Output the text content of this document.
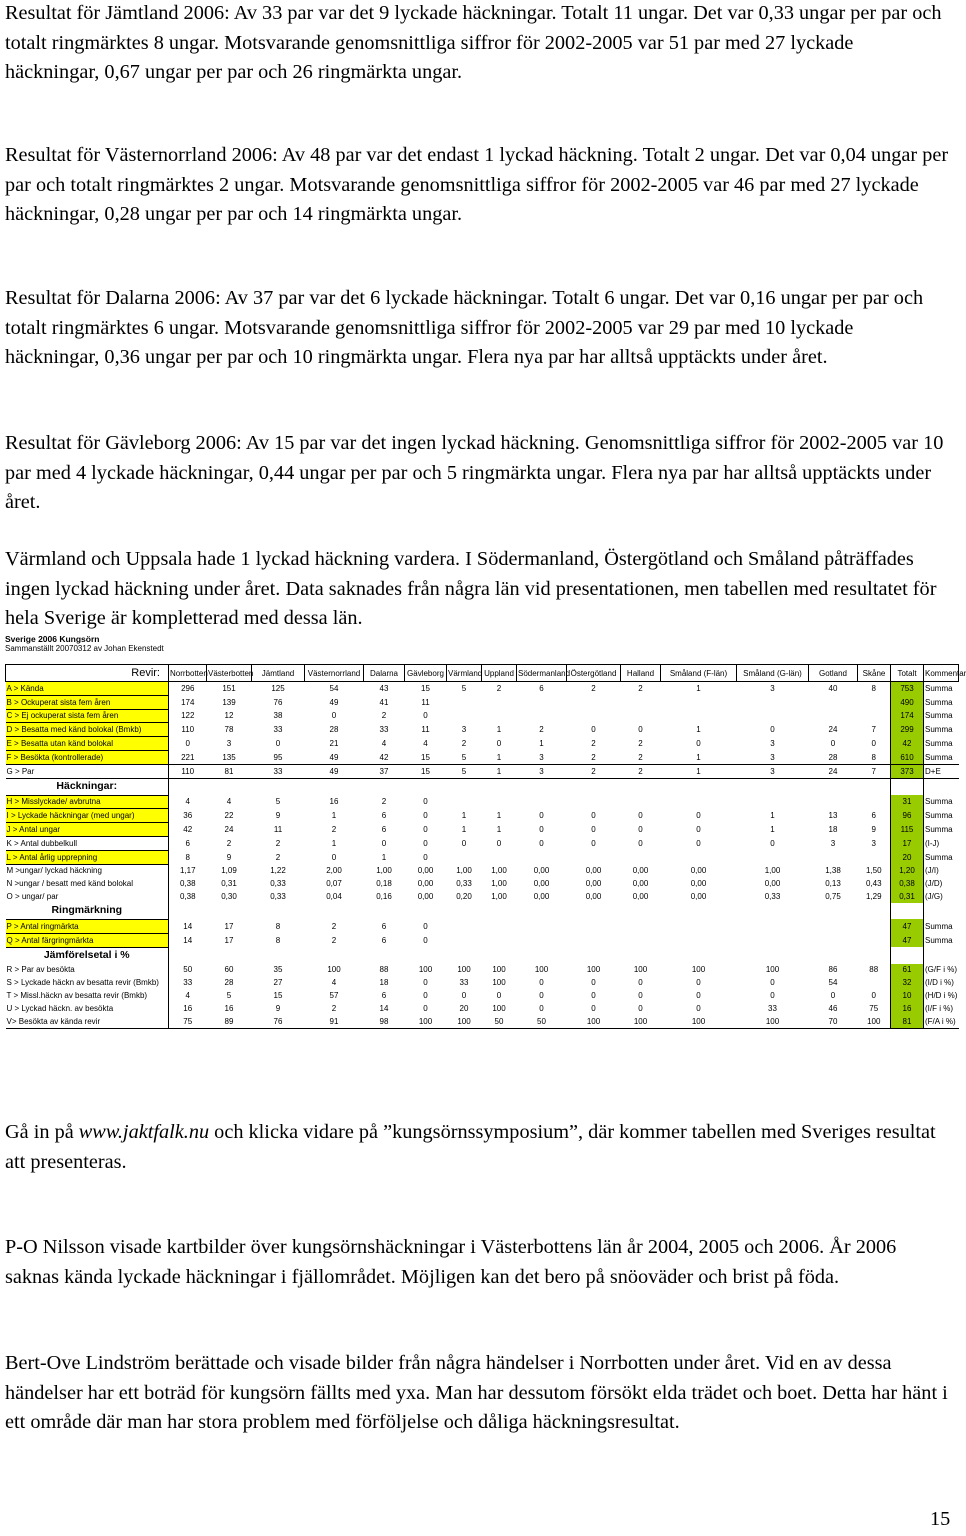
Resultat för Jämtland 2006: Av 33 par var det 9 lyckade häckningar. Totalt 11 ungar. Det var 0,33 ungar per par och totalt ringmärktes 8 ungar. Motsvarande genomsnittliga siffror för 2002-2005 var 51 par med 27 lyckade häckningar, 0,67 ungar per par och 26 ringmärkta ungar.

Resultat för Västernorrland 2006: Av 48 par var det endast 1 lyckad häckning. Totalt 2 ungar. Det var 0,04 ungar per par och totalt ringmärktes 2 ungar. Motsvarande genomsnittliga siffror för 2002-2005 var 46 par med 27 lyckade häckningar, 0,28 ungar per par och 14 ringmärkta ungar.

Resultat för Dalarna 2006: Av 37 par var det 6 lyckade häckningar. Totalt 6 ungar. Det var 0,16 ungar per par och totalt ringmärktes 6 ungar. Motsvarande genomsnittliga siffror för 2002-2005 var 29 par med 10 lyckade häckningar, 0,36 ungar per par och 10 ringmärkta ungar. Flera nya par har alltså upptäckts under året.

Resultat för Gävleborg 2006: Av 15 par var det ingen lyckad häckning. Genomsnittliga siffror för 2002-2005 var 10 par med 4 lyckade häckningar, 0,44 ungar per par och 5 ringmärkta ungar. Flera nya par har alltså upptäckts under året.

Värmland och Uppsala hade 1 lyckad häckning vardera. I Södermanland, Östergötland och Småland påträffades ingen lyckad häckning under året. Data saknades från några län vid presentationen, men tabellen med resultatet för hela Sverige är kompletterad med dessa län.

Sverige 2006 Kungsörn
Sammanställt 20070312 av Johan Ekenstedt
Revir:	Norrbotten	Västerbotten	Jämtland	Västernorrland	Dalarna	Gävleborg	Värmland	Uppland	Södermanland	Östergötland	Halland	Småland (F-län)	Småland (G-län)	Gotland	Skåne	Totalt	Kommentar
A > Kända	296	151	125	54	43	15	5	2	6	2	2	1	3	40	8	753	Summa
B > Ockuperat sista fem åren	174	139	76	49	41	11										490	Summa
C > Ej ockuperat sista fem åren	122	12	38	0	2	0										174	Summa
D > Besatta med känd bolokal (Bmkb)	110	78	33	28	33	11	3	1	2	0	0	1	0	24	7	299	Summa
E > Besatta utan känd bolokal	0	3	0	21	4	4	2	0	1	2	2	0	3	0	0	42	Summa
F > Besökta (kontrollerade)	221	135	95	49	42	15	5	1	3	2	2	1	3	28	8	610	Summa
G > Par	110	81	33	49	37	15	5	1	3	2	2	1	3	24	7	373	D+E
Häckningar:																	
H > Misslyckade/ avbrutna	4	4	5	16	2	0										31	Summa
I > Lyckade häckningar (med ungar)	36	22	9	1	6	0	1	1	0	0	0	0	1	13	6	96	Summa
J > Antal ungar	42	24	11	2	6	0	1	1	0	0	0	0	1	18	9	115	Summa
K > Antal dubbelkull	6	2	2	1	0	0	0	0	0	0	0	0	0	3	3	17	(I-J)
L > Antal årlig upprepning	8	9	2	0	1	0										20	Summa
M >ungar/ lyckad häckning	1,17	1,09	1,22	2,00	1,00	0,00	1,00	1,00	0,00	0,00	0,00	0,00	1,00	1,38	1,50	1,20	(J/I)
N >ungar / besatt med känd bolokal	0,38	0,31	0,33	0,07	0,18	0,00	0,33	1,00	0,00	0,00	0,00	0,00	0,00	0,13	0,43	0,38	(J/D)
O > ungar/ par	0,38	0,30	0,33	0,04	0,16	0,00	0,20	1,00	0,00	0,00	0,00	0,00	0,33	0,75	1,29	0,31	(J/G)
Ringmärkning																	
P > Antal ringmärkta	14	17	8	2	6	0										47	Summa
Q > Antal färgringmärkta	14	17	8	2	6	0										47	Summa
Jämförelsetal i %																	
R > Par av besökta	50	60	35	100	88	100	100	100	100	100	100	100	100	86	88	61	(G/F i %)
S > Lyckade häckn av besatta revir (Bmkb)	33	28	27	4	18	0	33	100	0	0	0	0	0	54		32	(I/D i %)
T > Missl.häckn av besatta revir (Bmkb)	4	5	15	57	6	0	0	0	0	0	0	0	0	0	0	10	(H/D i %)
U > Lyckad häckn. av besökta	16	16	9	2	14	0	20	100	0	0	0	0	33	46	75	16	(I/F i %)
V> Besökta av kända revir	75	89	76	91	98	100	100	50	50	100	100	100	100	70	100	81	(F/A i %)

Gå in på www.jaktfalk.nu och klicka vidare på ”kungsörnssymposium”, där kommer tabellen med Sveriges resultat att presenteras.

P-O Nilsson visade kartbilder över kungsörnshäckningar i Västerbottens län år 2004, 2005 och 2006. År 2006 saknas kända lyckade häckningar i fjällområdet. Möjligen kan det bero på snöoväder och brist på föda.

Bert-Ove Lindström berättade och visade bilder från några händelser i Norrbotten under året. Vid en av dessa händelser har ett boträd för kungsörn fällts med yxa. Man har dessutom försökt elda trädet och boet. Detta har hänt i ett område där man har stora problem med förföljelse och dåliga häckningsresultat.

15
